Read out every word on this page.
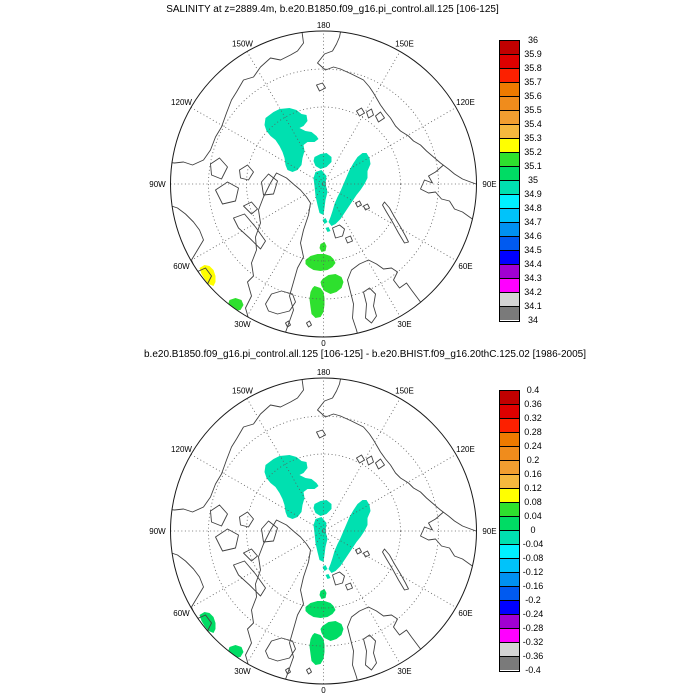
SALINITY at z=2889.4m, b.e20.B1850.f09_g16.pi_control.all.125 [106-125]
180
150E
120E
90E
60E
30E
0
30W
60W
90W
120W
150W	36
35.9
35.8
35.7
35.6
35.5
35.4
35.3
35.2
35.1
35
34.9
34.8
34.7
34.6
34.5
34.4
34.3
34.2
34.1
34
b.e20.B1850.f09_g16.pi_control.all.125 [106-125] - b.e20.BHIST.f09_g16.20thC.125.02 [1986-2005]
180
150E
120E
90E
60E
30E
0
30W
60W
90W
120W
150W	0.4
0.36
0.32
0.28
0.24
0.2
0.16
0.12
0.08
0.04
0
-0.04
-0.08
-0.12
-0.16
-0.2
-0.24
-0.28
-0.32
-0.36
-0.4
